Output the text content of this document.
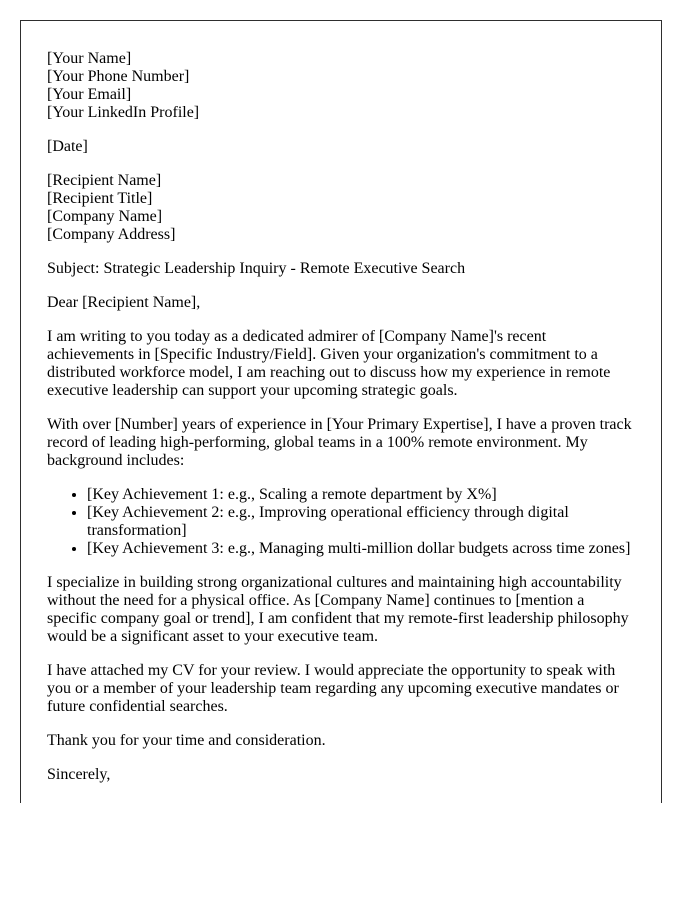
[Your Name]
[Your Phone Number]
[Your Email]
[Your LinkedIn Profile]

[Date]

[Recipient Name]
[Recipient Title]
[Company Name]
[Company Address]

Subject: Strategic Leadership Inquiry - Remote Executive Search

Dear [Recipient Name],

I am writing to you today as a dedicated admirer of [Company Name]'s recent achievements in [Specific Industry/Field]. Given your organization's commitment to a distributed workforce model, I am reaching out to discuss how my experience in remote executive leadership can support your upcoming strategic goals.

With over [Number] years of experience in [Your Primary Expertise], I have a proven track record of leading high-performing, global teams in a 100% remote environment. My background includes:

• [Key Achievement 1: e.g., Scaling a remote department by X%]
• [Key Achievement 2: e.g., Improving operational efficiency through digital transformation]
• [Key Achievement 3: e.g., Managing multi-million dollar budgets across time zones]

I specialize in building strong organizational cultures and maintaining high accountability without the need for a physical office. As [Company Name] continues to [mention a specific company goal or trend], I am confident that my remote-first leadership philosophy would be a significant asset to your executive team.

I have attached my CV for your review. I would appreciate the opportunity to speak with you or a member of your leadership team regarding any upcoming executive mandates or future confidential searches.

Thank you for your time and consideration.

Sincerely,
